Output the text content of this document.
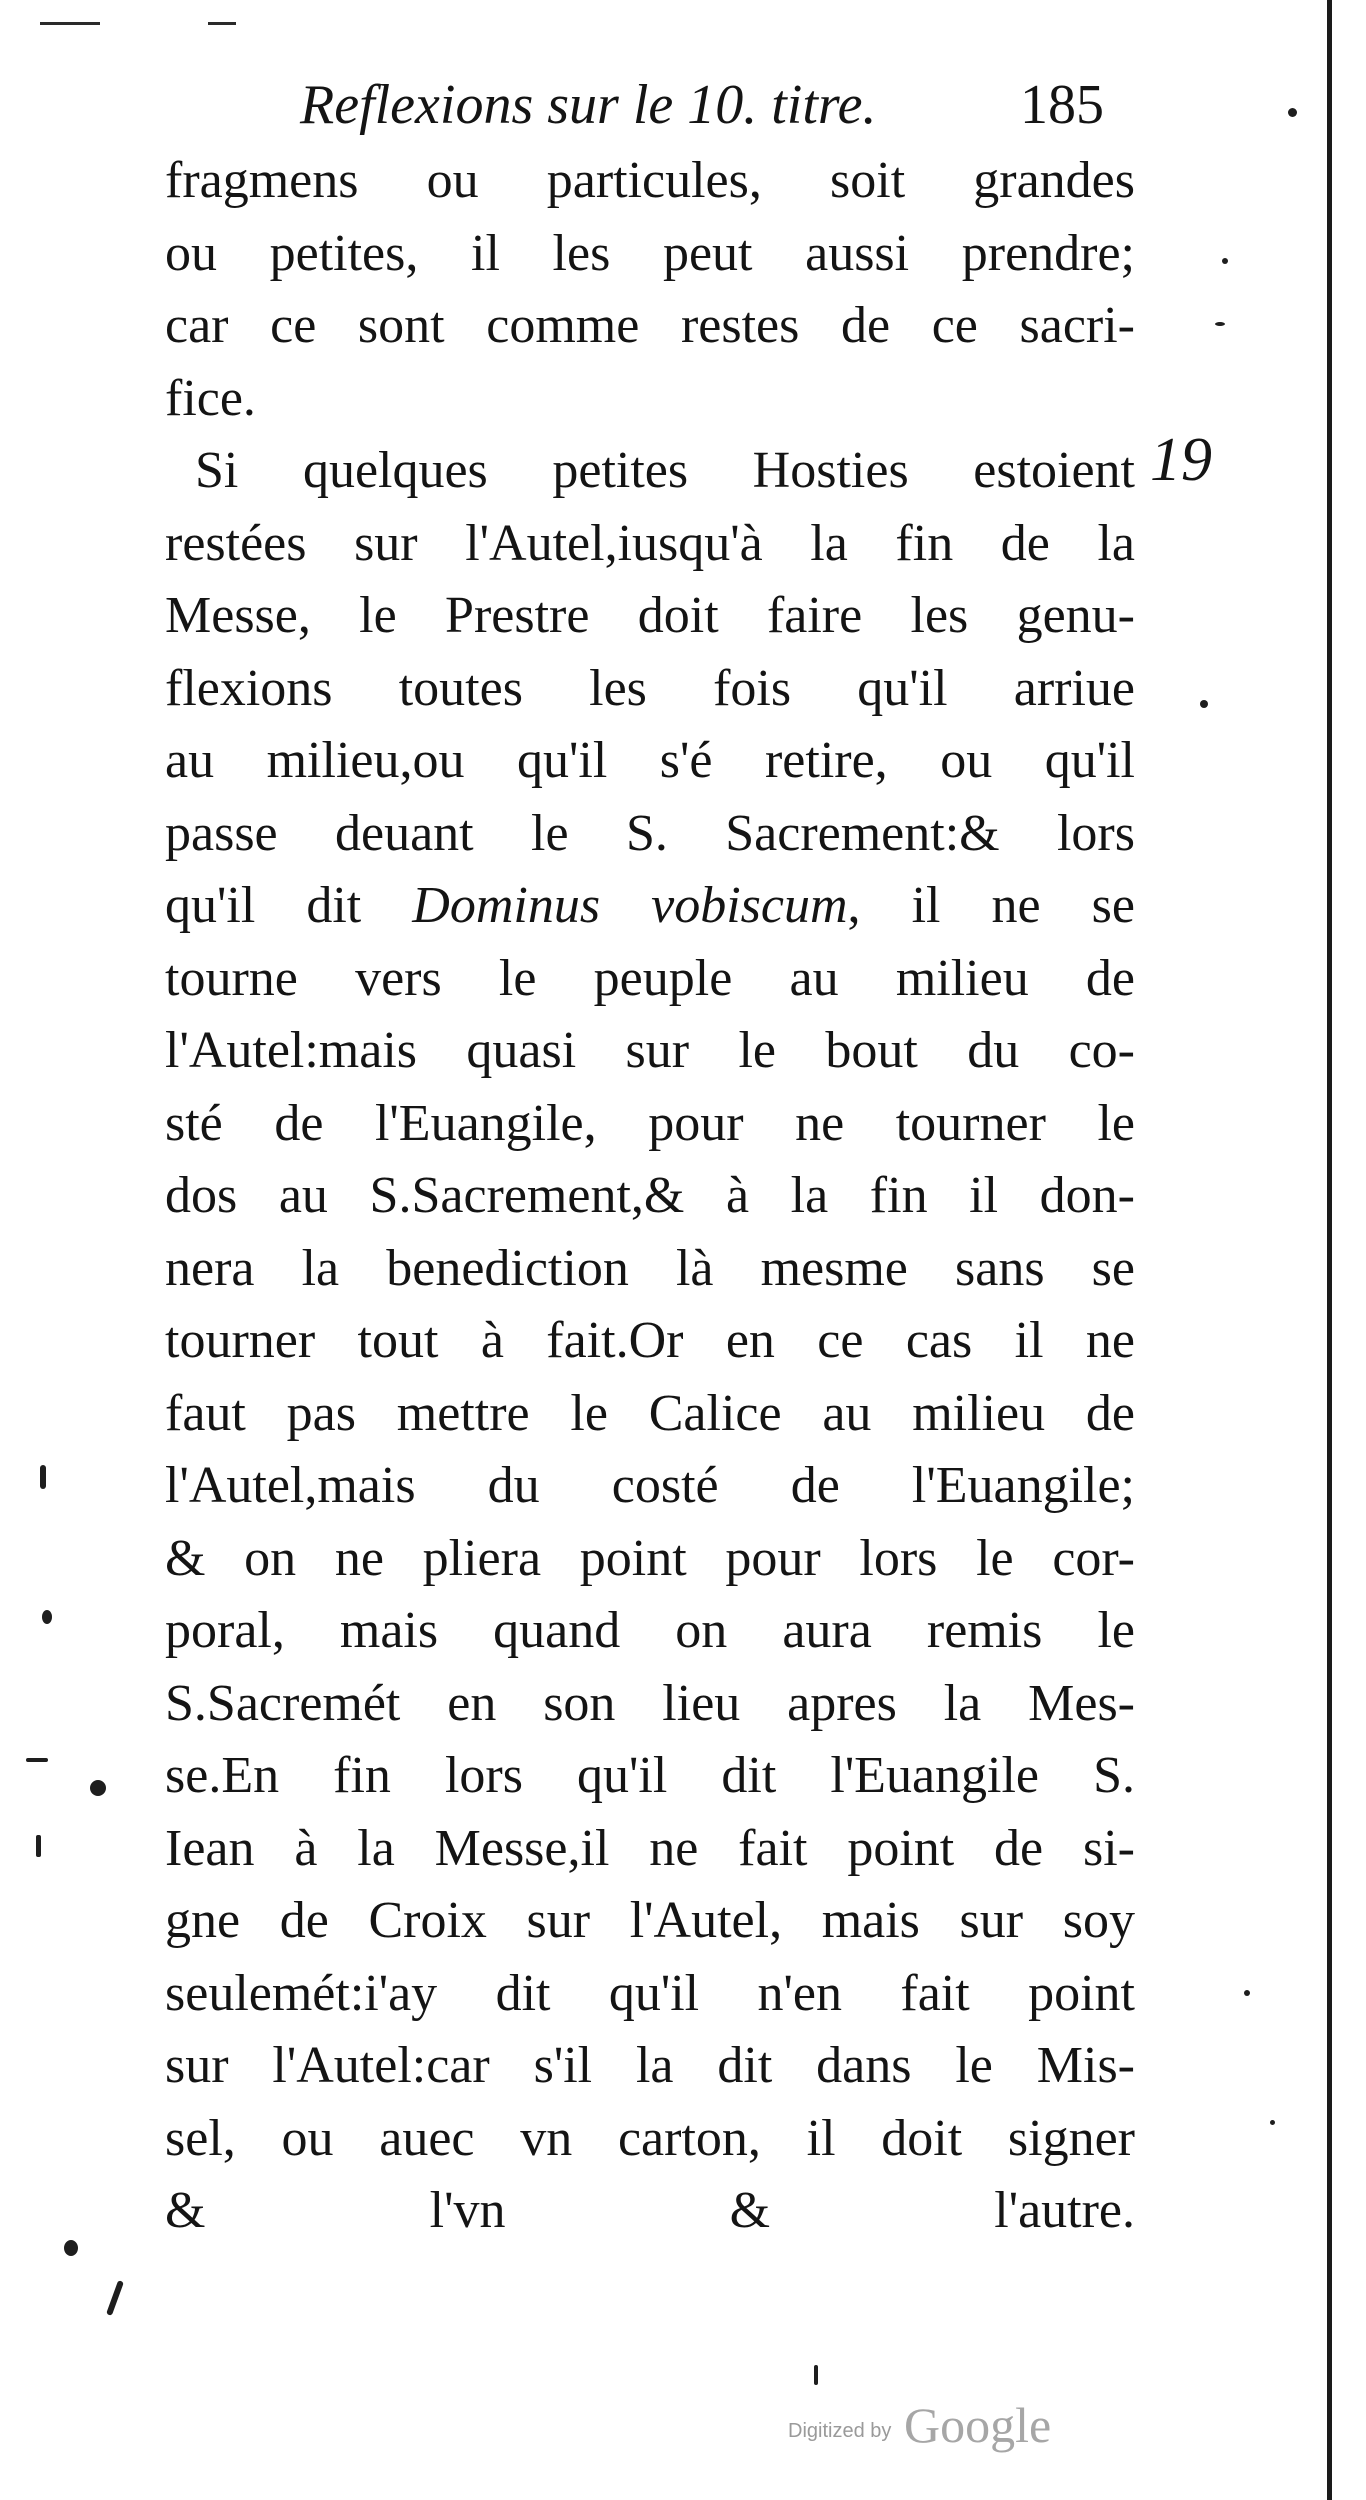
Reflexions sur le 10. titre.	185
19
fragmens ou particules, soit grandes
ou petites, il les peut aussi prendre;
car ce sont comme restes de ce sacri-
fice.
Si quelques petites Hosties estoient
restées sur l'Autel,iusqu'à la fin de la
Messe, le Prestre doit faire les genu-
flexions toutes les fois qu'il arriue
au milieu,ou qu'il s'é retire, ou qu'il
passe deuant le S. Sacrement:& lors
qu'il dit Dominus vobiscum, il ne se
tourne vers le peuple au milieu de
l'Autel:mais quasi sur le bout du co-
sté de l'Euangile, pour ne tourner le
dos au S.Sacrement,& à la fin il don-
nera la benediction là mesme sans se
tourner tout à fait.Or en ce cas il ne
faut pas mettre le Calice au milieu de
l'Autel,mais du costé de l'Euangile;
& on ne pliera point pour lors le cor-
poral, mais quand on aura remis le
S.Sacremét en son lieu apres la Mes-
se.En fin lors qu'il dit l'Euangile S.
Iean à la Messe,il ne fait point de si-
gne de Croix sur l'Autel, mais sur soy
seulemét:i'ay dit qu'il n'en fait point
sur l'Autel:car s'il la dit dans le Mis-
sel, ou auec vn carton, il doit signer
& l'vn & l'autre.
Digitized by Google
